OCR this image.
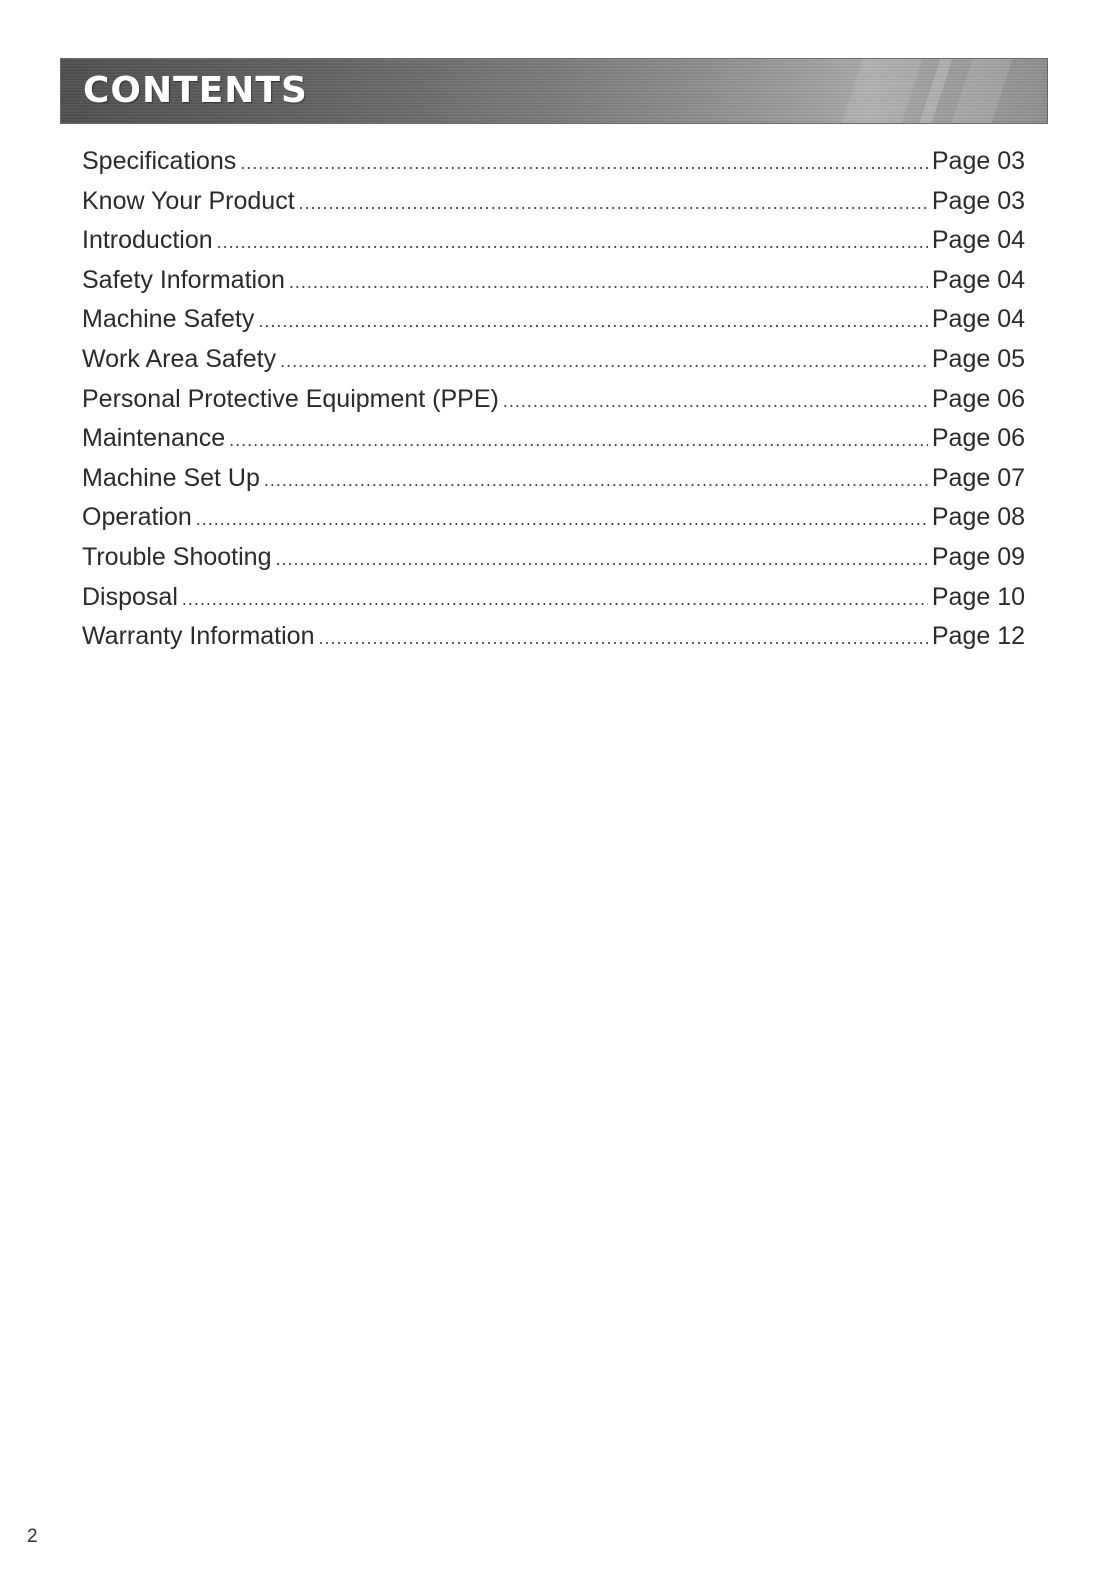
CONTENTS
Specifications .....	Page 03
Know Your Product .....	Page 03
Introduction .....	Page 04
Safety Information .....	Page 04
Machine Safety .....	Page 04
Work Area Safety .....	Page 05
Personal Protective Equipment (PPE) .....	Page 06
Maintenance .....	Page 06
Machine Set Up .....	Page 07
Operation .....	Page 08
Trouble Shooting .....	Page 09
Disposal .....	Page 10
Warranty Information .....	Page 12
2
